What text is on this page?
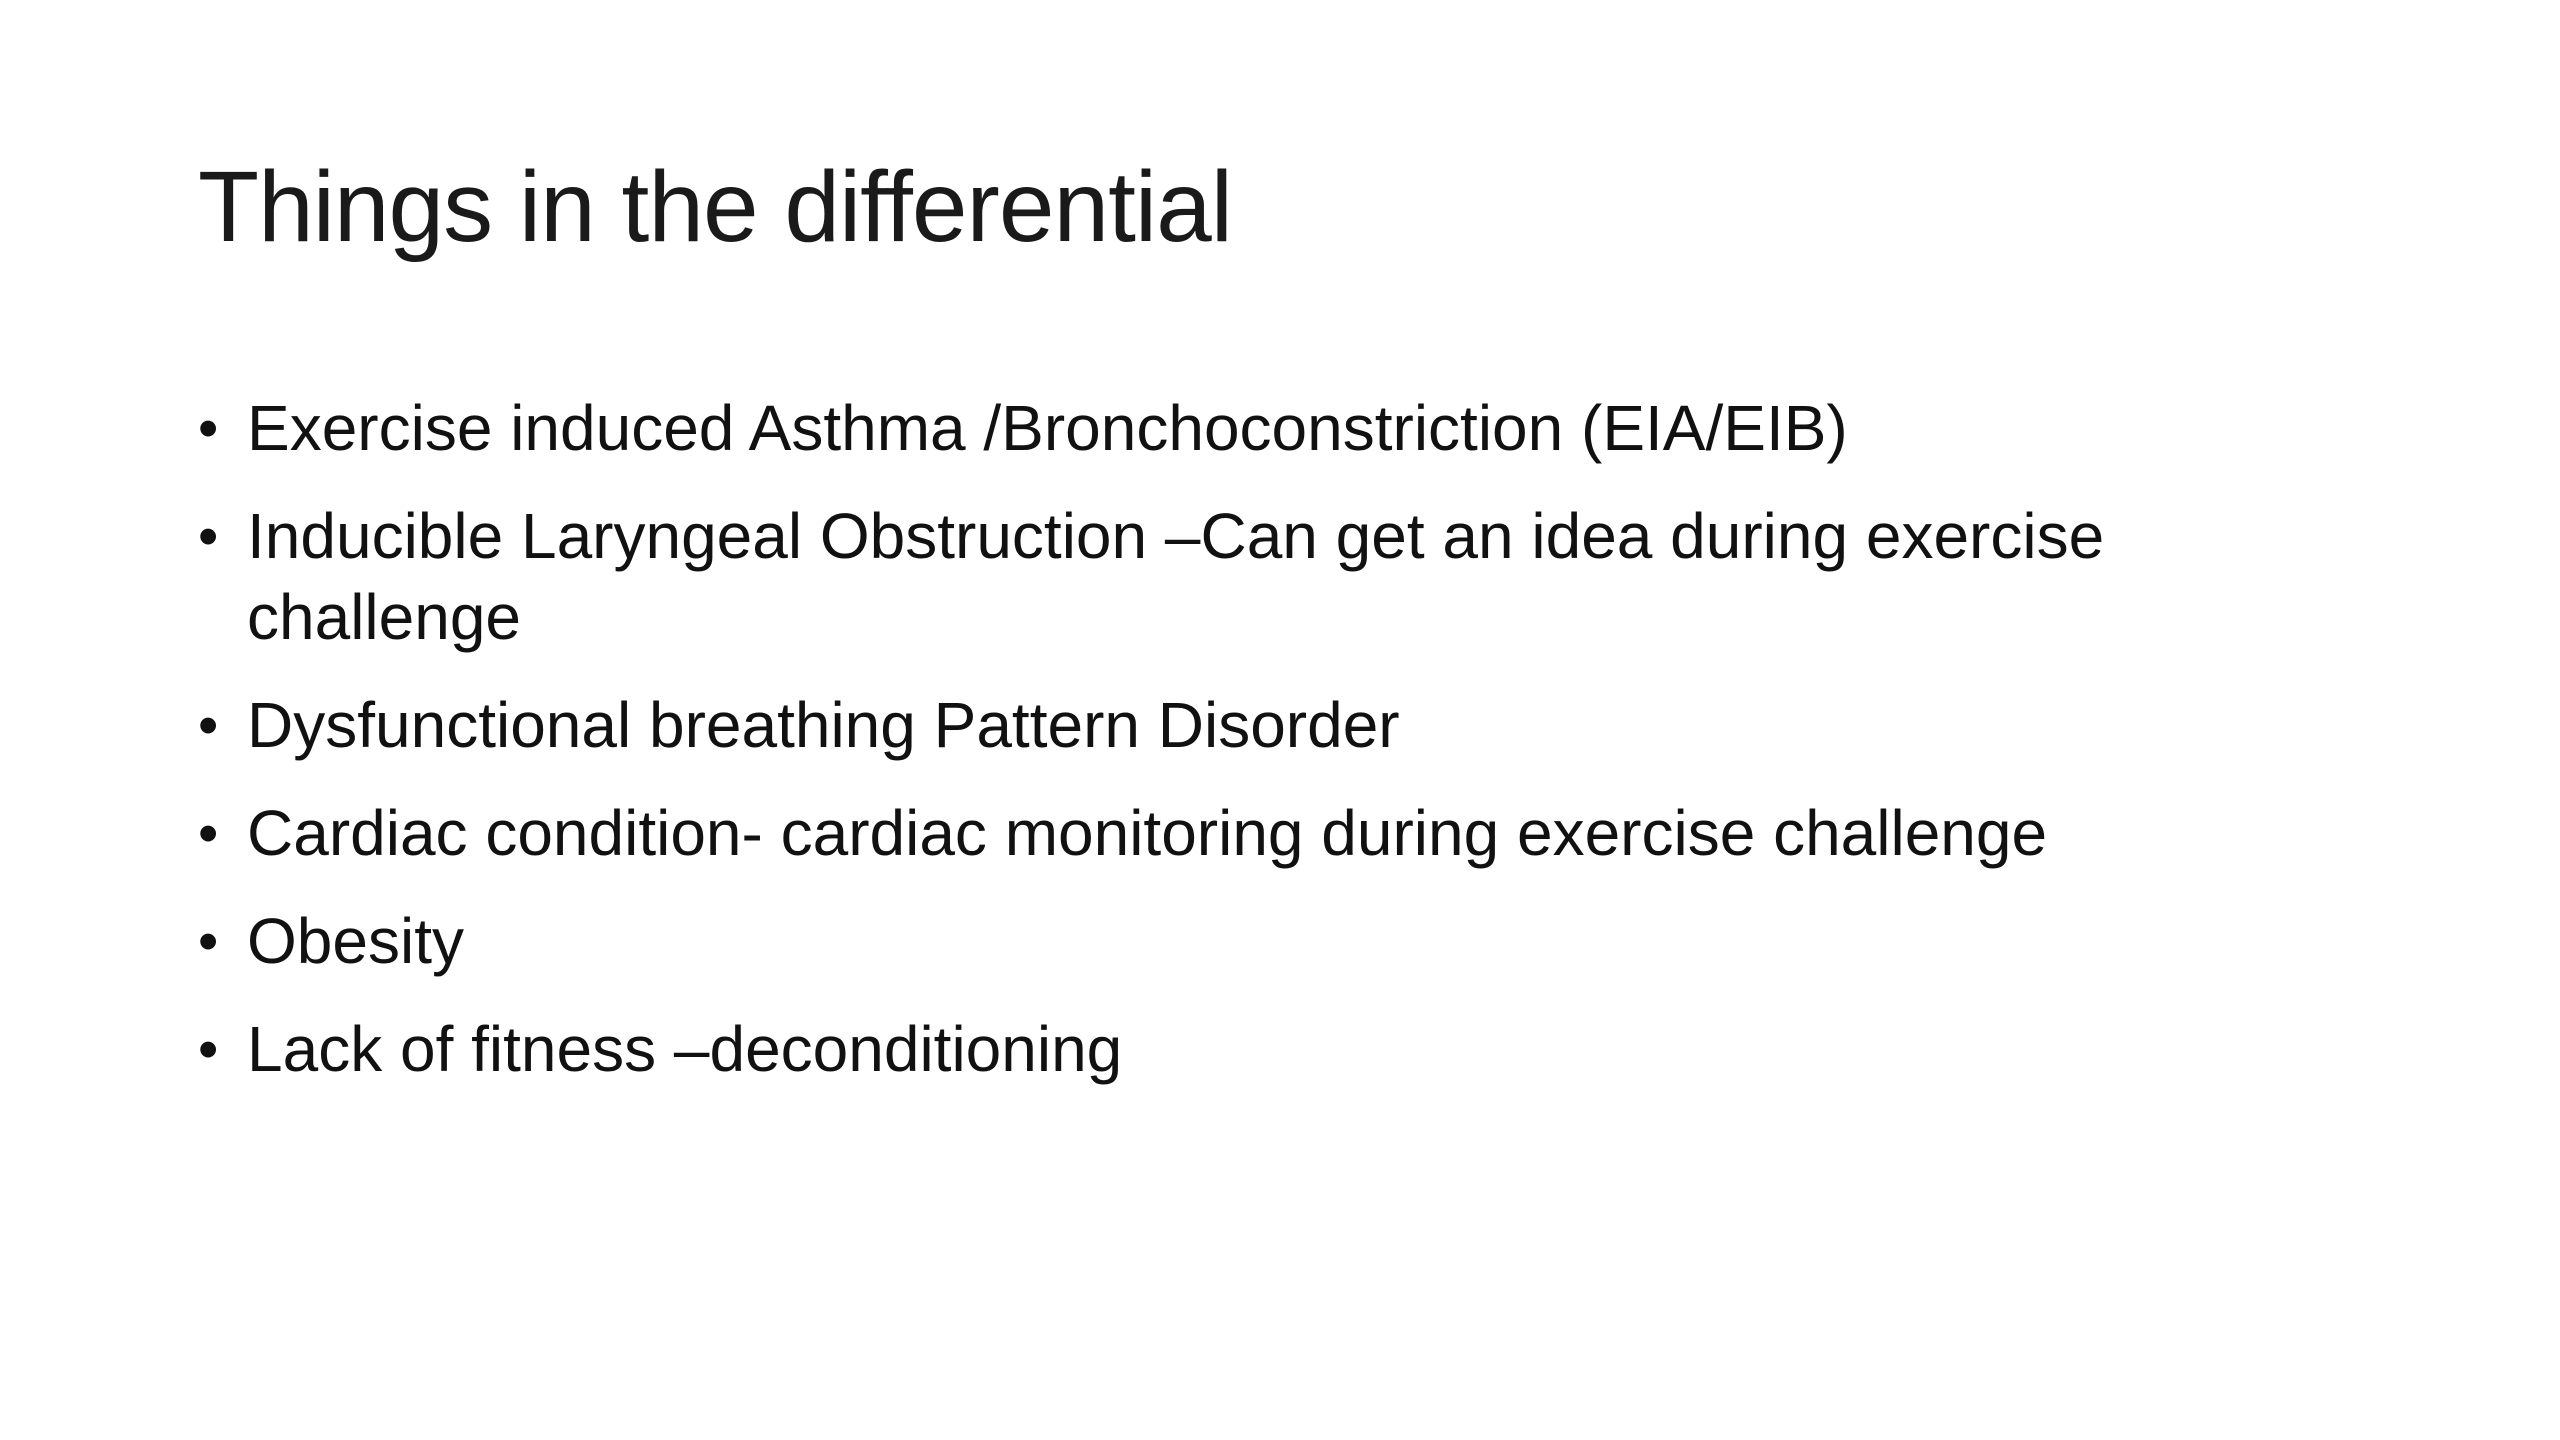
Things in the differential
• Exercise induced Asthma /Bronchoconstriction (EIA/EIB)
• Inducible Laryngeal Obstruction –Can get an idea during exercise challenge
• Dysfunctional breathing Pattern Disorder
• Cardiac condition- cardiac monitoring during exercise challenge
• Obesity
• Lack of fitness –deconditioning
